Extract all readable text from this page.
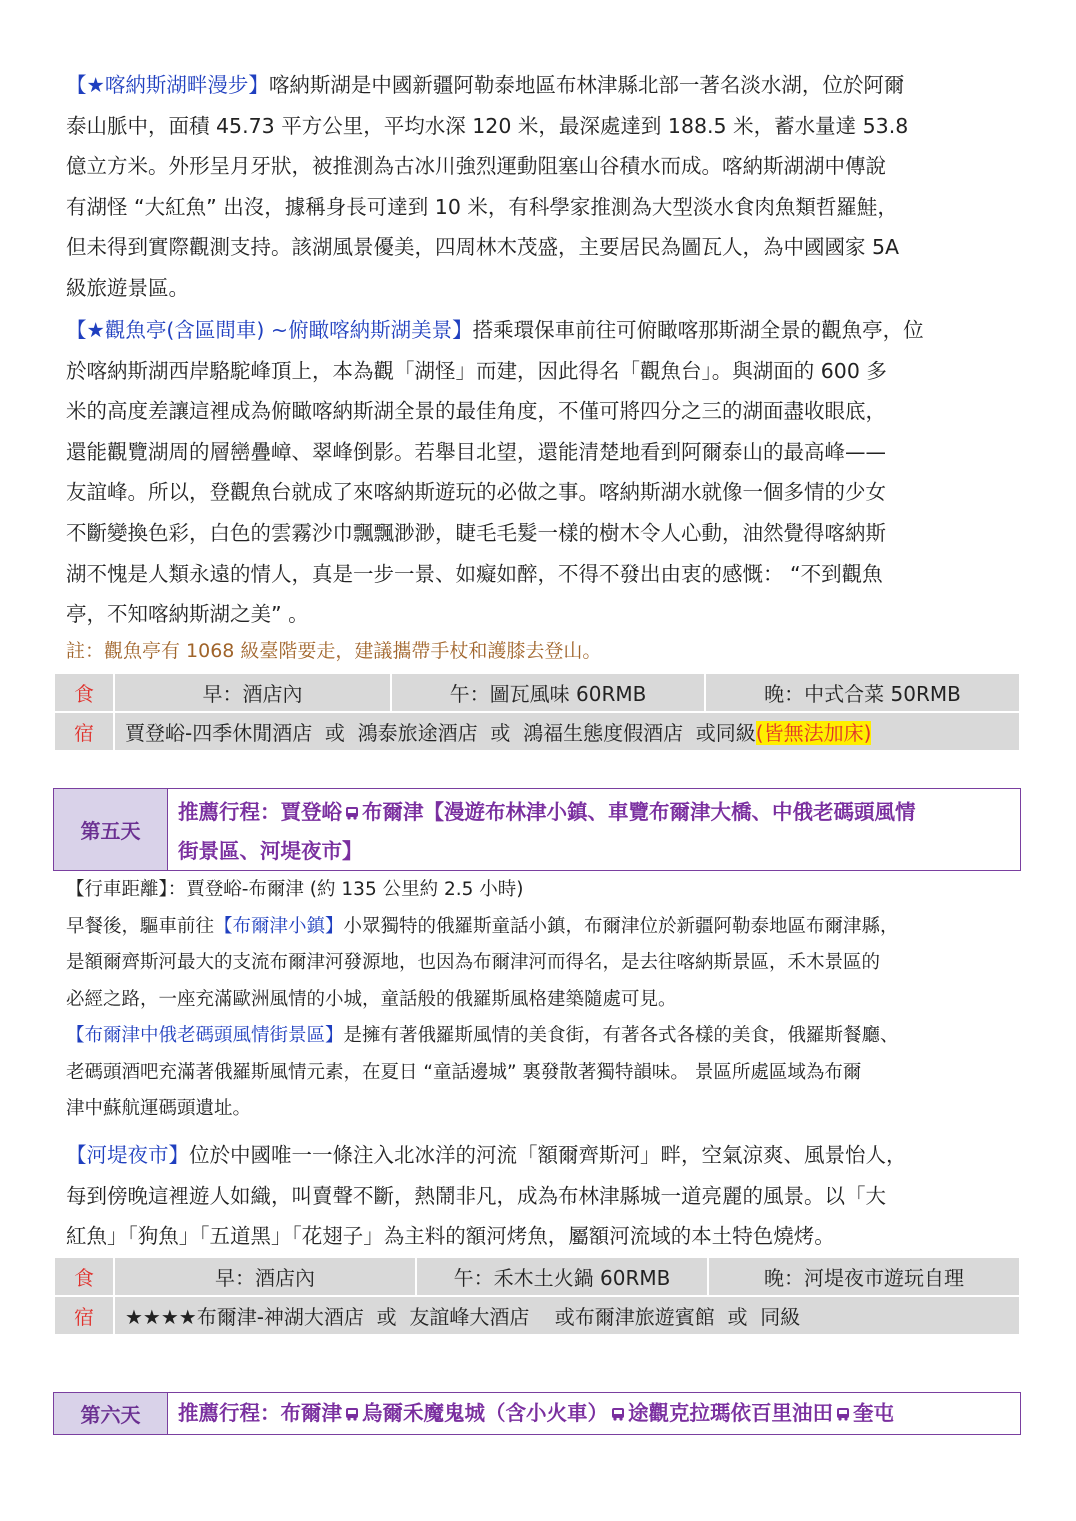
【★喀納斯湖畔漫步】喀納斯湖是中國新疆阿勒泰地區布林津縣北部一著名淡水湖，位於阿爾
泰山脈中，面積 45.73 平方公里，平均水深 120 米，最深處達到 188.5 米，蓄水量達 53.8
億立方米。外形呈月牙狀，被推測為古冰川強烈運動阻塞山谷積水而成。喀納斯湖湖中傳說
有湖怪 “大紅魚” 出沒，據稱身長可達到 10 米，有科學家推測為大型淡水食肉魚類哲羅鮭，
但未得到實際觀測支持。該湖風景優美，四周林木茂盛，主要居民為圖瓦人，為中國國家 5A
級旅遊景區。
【★觀魚亭(含區間車) ~俯瞰喀納斯湖美景】搭乘環保車前往可俯瞰喀那斯湖全景的觀魚亭，位
於喀納斯湖西岸駱駝峰頂上，本為觀「湖怪」而建，因此得名「觀魚台」。與湖面的 600 多
米的高度差讓這裡成為俯瞰喀納斯湖全景的最佳角度，不僅可將四分之三的湖面盡收眼底，
還能觀覽湖周的層巒疊嶂、翠峰倒影。若舉目北望，還能清楚地看到阿爾泰山的最高峰——
友誼峰。所以，登觀魚台就成了來喀納斯遊玩的必做之事。喀納斯湖水就像一個多情的少女
不斷變換色彩，白色的雲霧沙巾飄飄渺渺，睫毛毛髮一樣的樹木令人心動，油然覺得喀納斯
湖不愧是人類永遠的情人，真是一步一景、如癡如醉，不得不發出由衷的感慨： “不到觀魚
亭，不知喀納斯湖之美” 。
註：觀魚亭有 1068 級臺階要走，建議攜帶手杖和護膝去登山。
食	早：酒店內	午：圖瓦風味 60RMB	晚：中式合菜 50RMB
宿	賈登峪-四季休閒酒店  或  鴻泰旅途酒店  或  鴻福生態度假酒店  或同級(皆無法加床)		
第五天
推薦行程：賈登峪 布爾津【漫遊布林津小鎮、車覽布爾津大橋、中俄老碼頭風情
街景區、河堤夜市】
【行車距離】：賈登峪-布爾津 (約 135 公里約 2.5 小時)
早餐後，驅車前往【布爾津小鎮】小眾獨特的俄羅斯童話小鎮，布爾津位於新疆阿勒泰地區布爾津縣，
是額爾齊斯河最大的支流布爾津河發源地，也因為布爾津河而得名，是去往喀納斯景區，禾木景區的
必經之路，一座充滿歐洲風情的小城，童話般的俄羅斯風格建築隨處可見。
【布爾津中俄老碼頭風情街景區】是擁有著俄羅斯風情的美食街，有著各式各樣的美食，俄羅斯餐廳、
老碼頭酒吧充滿著俄羅斯風情元素，在夏日 “童話邊城” 裏發散著獨特韻味。 景區所處區域為布爾
津中蘇航運碼頭遺址。
【河堤夜市】位於中國唯一一條注入北冰洋的河流「額爾齊斯河」畔，空氣涼爽、風景怡人，
每到傍晚這裡遊人如織，叫賣聲不斷，熱鬧非凡，成為布林津縣城一道亮麗的風景。以「大
紅魚」「狗魚」「五道黑」「花翅子」為主料的額河烤魚，屬額河流域的本土特色燒烤。
食	早：酒店內	午：禾木土火鍋 60RMB	晚：河堤夜市遊玩自理
宿	★★★★布爾津-神湖大酒店  或  友誼峰大酒店    或布爾津旅遊賓館  或  同級		
第六天	推薦行程：布爾津 烏爾禾魔鬼城（含小火車） 途觀克拉瑪依百里油田 奎屯
